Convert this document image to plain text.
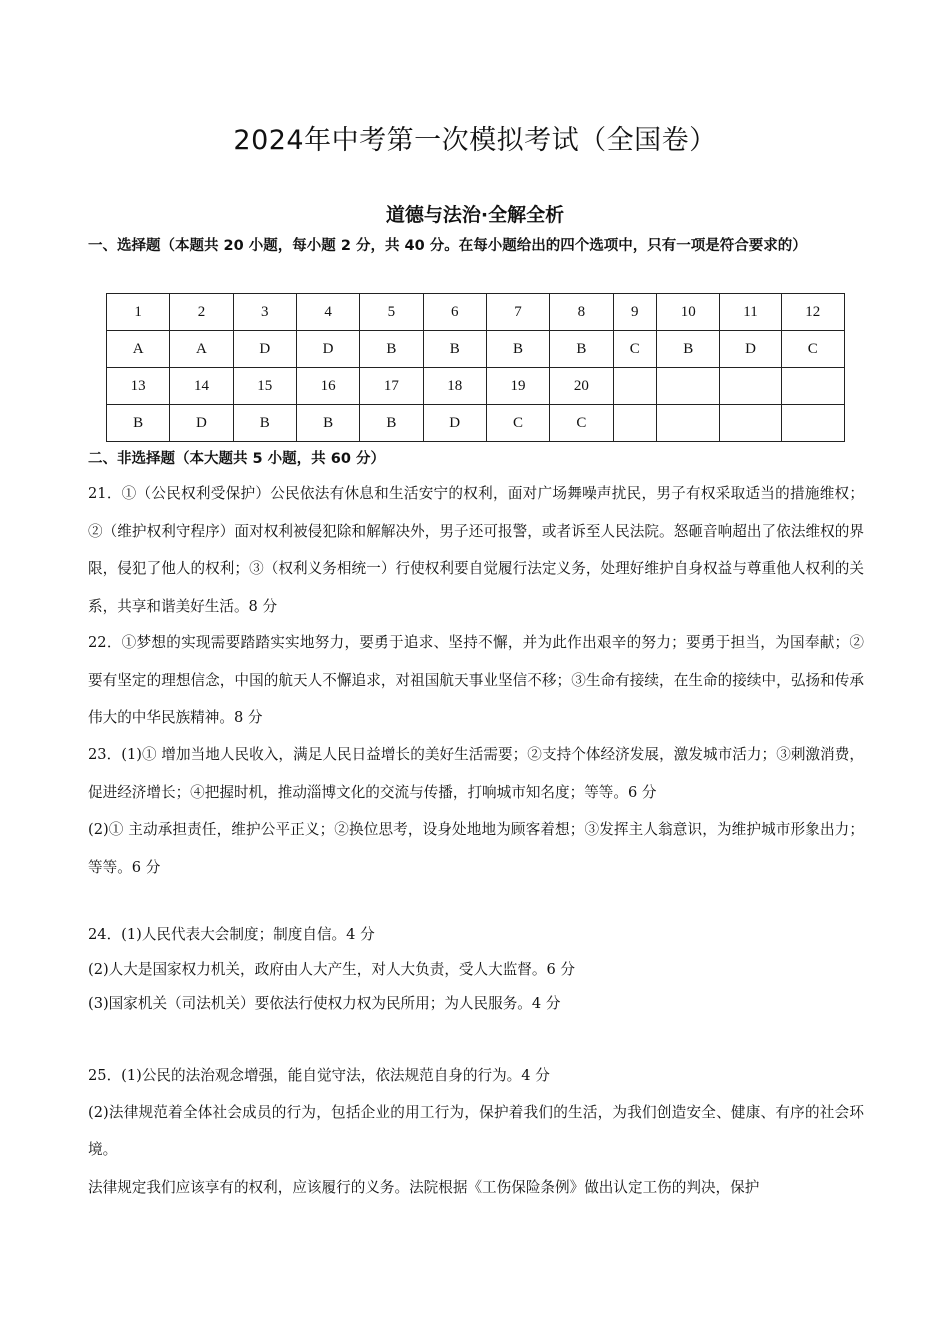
2024年中考第一次模拟考试（全国卷）
道德与法治·全解全析
一、选择题（本题共 20 小题，每小题 2 分，共 40 分。在每小题给出的四个选项中，只有一项是符合要求的）
1	2	3	4	5	6	7	8	9	10	11	12
A	A	D	D	B	B	B	B	C	B	D	C
13	14	15	16	17	18	19	20				
B	D	B	B	B	D	C	C				
二、非选择题（本大题共 5 小题，共 60 分）
21．①（公民权利受保护）公民依法有休息和生活安宁的权利，面对广场舞噪声扰民，男子有权采取适当的措施维权；②（维护权利守程序）面对权利被侵犯除和解解决外，男子还可报警，或者诉至人民法院。怒砸音响超出了依法维权的界限，侵犯了他人的权利；③（权利义务相统一）行使权利要自觉履行法定义务，处理好维护自身权益与尊重他人权利的关系，共享和谐美好生活。8 分
22．①梦想的实现需要踏踏实实地努力，要勇于追求、坚持不懈，并为此作出艰辛的努力；要勇于担当，为国奉献；②要有坚定的理想信念，中国的航天人不懈追求，对祖国航天事业坚信不移；③生命有接续，在生命的接续中，弘扬和传承伟大的中华民族精神。8 分
23．(1)① 增加当地人民收入，满足人民日益增长的美好生活需要；②支持个体经济发展，激发城市活力；③刺激消费，促进经济增长；④把握时机，推动淄博文化的交流与传播，打响城市知名度；等等。6 分
(2)① 主动承担责任，维护公平正义；②换位思考，设身处地地为顾客着想；③发挥主人翁意识，为维护城市形象出力；等等。6 分
24．(1)人民代表大会制度；制度自信。4 分
(2)人大是国家权力机关，政府由人大产生，对人大负责，受人大监督。6 分
(3)国家机关（司法机关）要依法行使权力权为民所用；为人民服务。4 分
25．(1)公民的法治观念增强，能自觉守法，依法规范自身的行为。4 分
(2)法律规范着全体社会成员的行为，包括企业的用工行为，保护着我们的生活，为我们创造安全、健康、有序的社会环境。
法律规定我们应该享有的权利，应该履行的义务。法院根据《工伤保险条例》做出认定工伤的判决，保护
